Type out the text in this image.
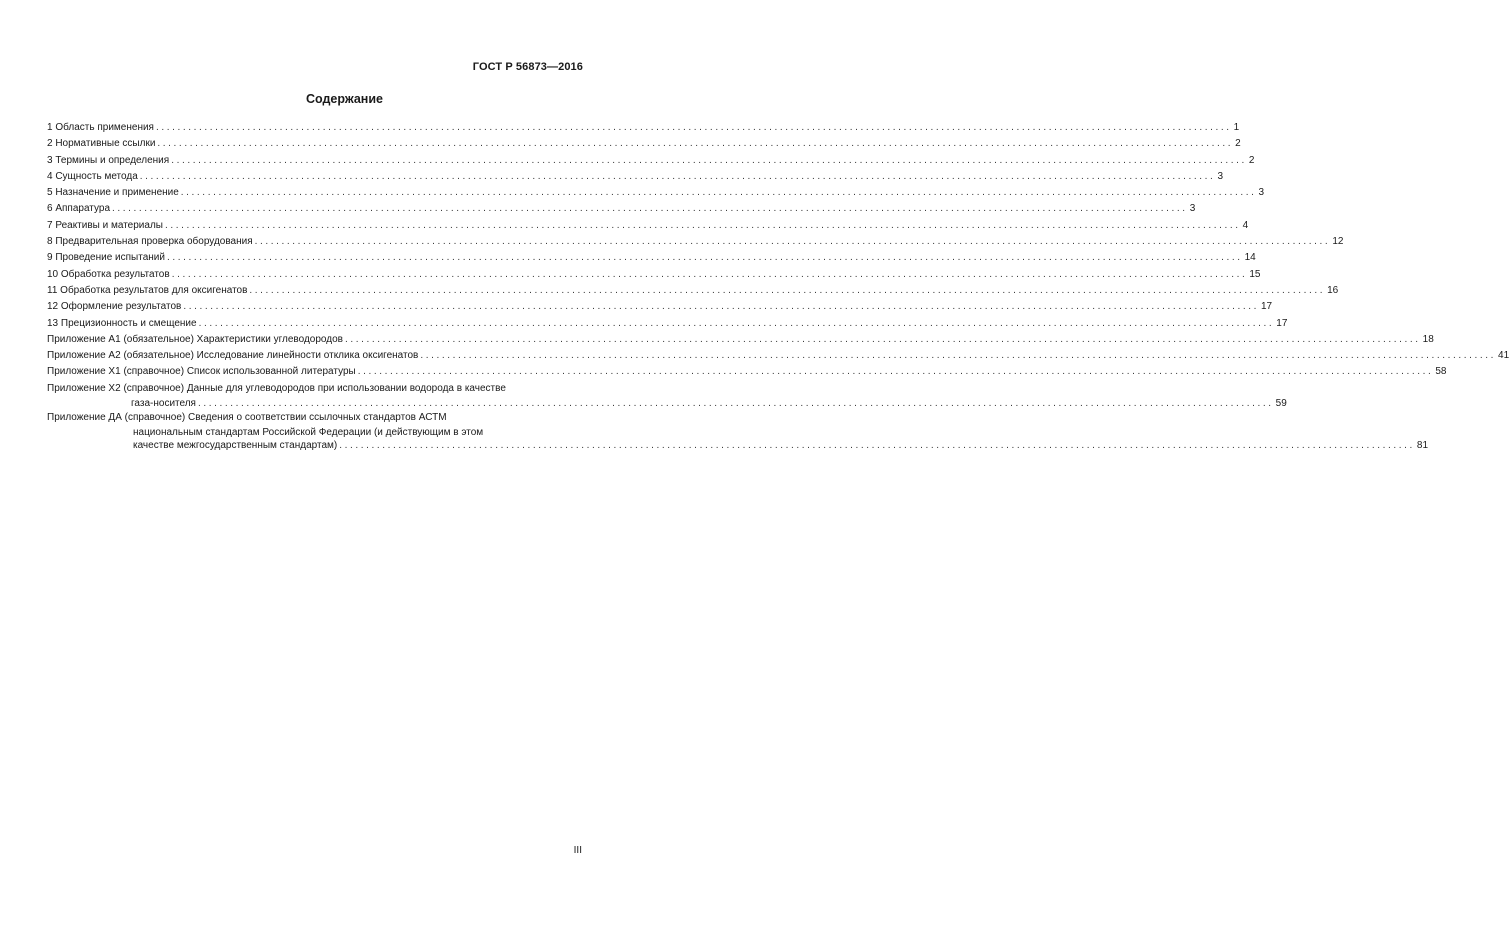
ГОСТ Р 56873—2016
Содержание
1 Область применения ........................................................................................................................................................................................................ 1
2 Нормативные ссылки ........................................................................................................................................................................................................ 2
3 Термины и определения ........................................................................................................................................................................................................ 2
4 Сущность метода ........................................................................................................................................................................................................ 3
5 Назначение и применение ........................................................................................................................................................................................................ 3
6 Аппаратура ........................................................................................................................................................................................................ 3
7 Реактивы и материалы ........................................................................................................................................................................................................ 4
8 Предварительная проверка оборудования ........................................................................................................................................................................................................ 12
9 Проведение испытаний ........................................................................................................................................................................................................ 14
10 Обработка результатов ........................................................................................................................................................................................................ 15
11 Обработка результатов для оксигенатов ........................................................................................................................................................................................................ 16
12 Оформление результатов ........................................................................................................................................................................................................ 17
13 Прецизионность и смещение ........................................................................................................................................................................................................ 17
Приложение А1 (обязательное) Характеристики углеводородов ........................................................................................................................................................................................................ 18
Приложение А2 (обязательное) Исследование линейности отклика оксигенатов ........................................................................................................................................................................................................ 41
Приложение Х1 (справочное) Список использованной литературы ........................................................................................................................................................................................................ 58
Приложение Х2 (справочное) Данные для углеводородов при использовании водорода в качестве
газа-носителя ........................................................................................................................................................................................................ 59
Приложение ДА (справочное) Сведения о соответствии ссылочных стандартов АСТМ
национальным стандартам Российской Федерации (и действующим в этом
качестве межгосударственным стандартам) ........................................................................................................................................................................................................ 81
III
